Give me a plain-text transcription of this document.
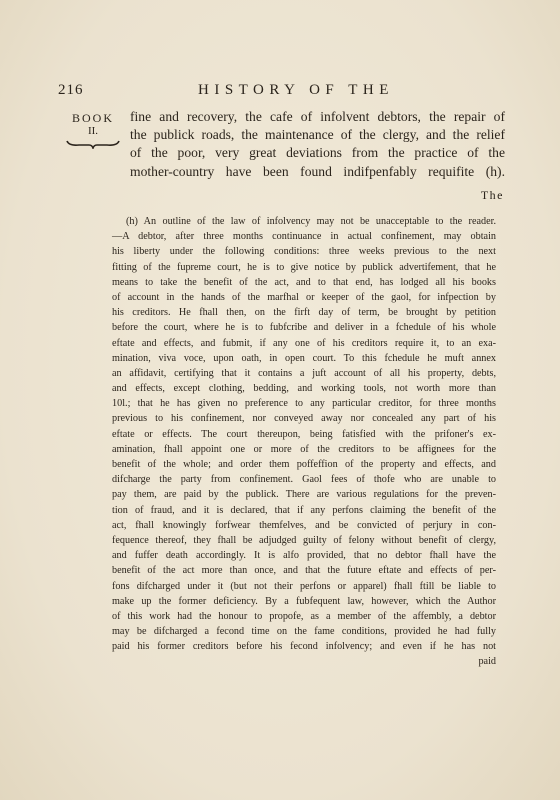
216	HISTORY OF THE
BOOK
II.
fine and recovery, the cafe of infolvent debtors, the repair of
the publick roads, the maintenance of the clergy, and the relief
of the poor, very great deviations from the practice of the
mother-country have been found indifpenfably requifite (h).
The
(h) An outline of the law of infolvency may not be unacceptable to the reader.
—A debtor, after three months continuance in actual confinement, may obtain
his liberty under the following conditions: three weeks previous to the next
fitting of the fupreme court, he is to give notice by publick advertifement, that he
means to take the benefit of the act, and to that end, has lodged all his books
of account in the hands of the marfhal or keeper of the gaol, for infpection by
his creditors. He fhall then, on the firft day of term, be brought by petition
before the court, where he is to fubfcribe and deliver in a fchedule of his whole
eftate and effects, and fubmit, if any one of his creditors require it, to an exa-
mination, viva voce, upon oath, in open court. To this fchedule he muft annex
an affidavit, certifying that it contains a juft account of all his property, debts,
and effects, except clothing, bedding, and working tools, not worth more than
10l.; that he has given no preference to any particular creditor, for three months
previous to his confinement, nor conveyed away nor concealed any part of his
eftate or effects. The court thereupon, being fatisfied with the prifoner's ex-
amination, fhall appoint one or more of the creditors to be affignees for the
benefit of the whole; and order them poffeffion of the property and effects, and
difcharge the party from confinement. Gaol fees of thofe who are unable to
pay them, are paid by the publick. There are various regulations for the preven-
tion of fraud, and it is declared, that if any perfons claiming the benefit of the
act, fhall knowingly forfwear themfelves, and be convicted of perjury in con-
fequence thereof, they fhall be adjudged guilty of felony without benefit of clergy,
and fuffer death accordingly. It is alfo provided, that no debtor fhall have the
benefit of the act more than once, and that the future eftate and effects of per-
fons difcharged under it (but not their perfons or apparel) fhall ftill be liable to
make up the former deficiency. By a fubfequent law, however, which the Author
of this work had the honour to propofe, as a member of the affembly, a debtor
may be difcharged a fecond time on the fame conditions, provided he had fully
paid his former creditors before his fecond infolvency; and even if he has not
paid
